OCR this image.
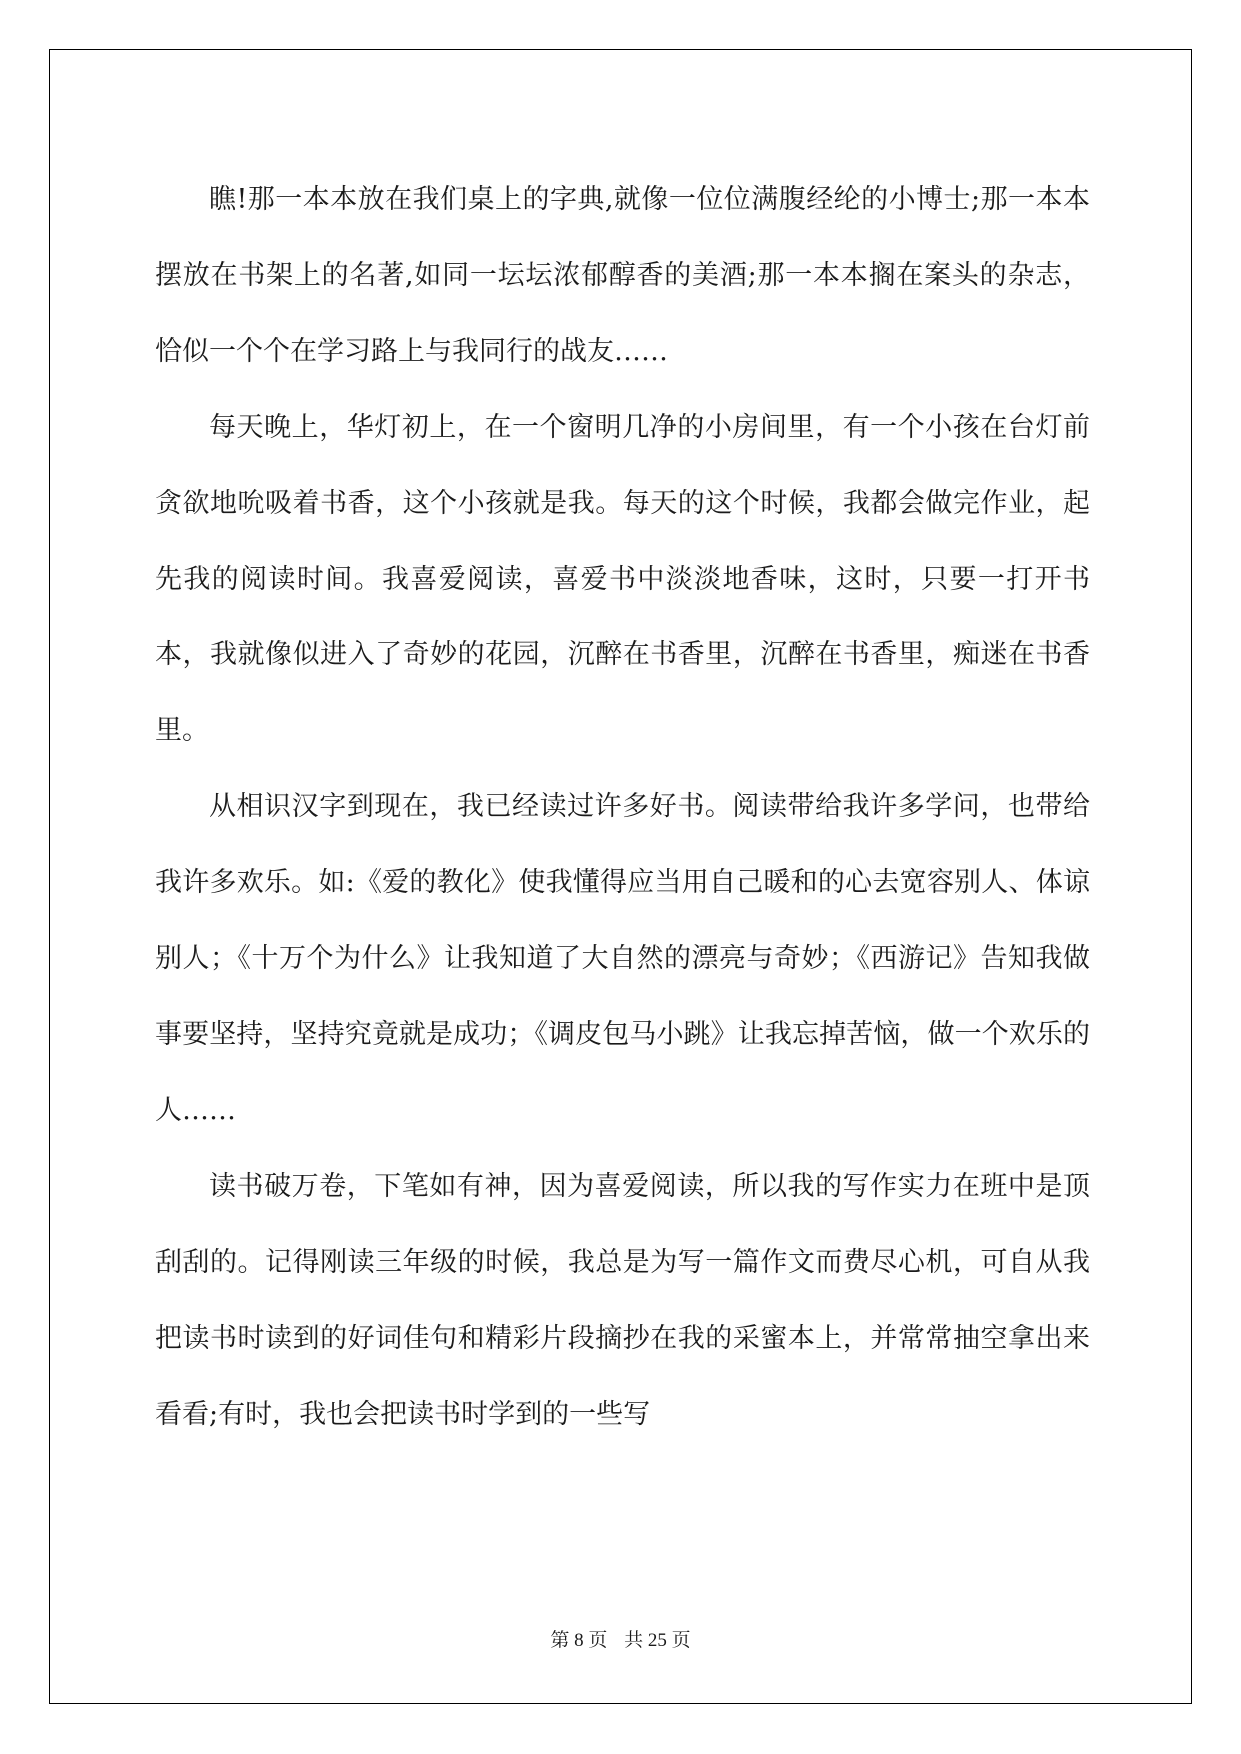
瞧!那一本本放在我们桌上的字典,就像一位位满腹经纶的小博士;那一本本摆放在书架上的名著,如同一坛坛浓郁醇香的美酒;那一本本搁在案头的杂志，恰似一个个在学习路上与我同行的战友……

每天晚上，华灯初上，在一个窗明几净的小房间里，有一个小孩在台灯前贪欲地吮吸着书香，这个小孩就是我。每天的这个时候，我都会做完作业，起先我的阅读时间。我喜爱阅读，喜爱书中淡淡地香味，这时，只要一打开书本，我就像似进入了奇妙的花园，沉醉在书香里，沉醉在书香里，痴迷在书香里。

从相识汉字到现在，我已经读过许多好书。阅读带给我许多学问，也带给我许多欢乐。如:《爱的教化》使我懂得应当用自己暖和的心去宽容别人、体谅别人；《十万个为什么》让我知道了大自然的漂亮与奇妙；《西游记》告知我做事要坚持，坚持究竟就是成功；《调皮包马小跳》让我忘掉苦恼，做一个欢乐的人……

读书破万卷，下笔如有神，因为喜爱阅读，所以我的写作实力在班中是顶刮刮的。记得刚读三年级的时候，我总是为写一篇作文而费尽心机，可自从我把读书时读到的好词佳句和精彩片段摘抄在我的采蜜本上，并常常抽空拿出来看看;有时，我也会把读书时学到的一些写

第 8 页 共 25 页
